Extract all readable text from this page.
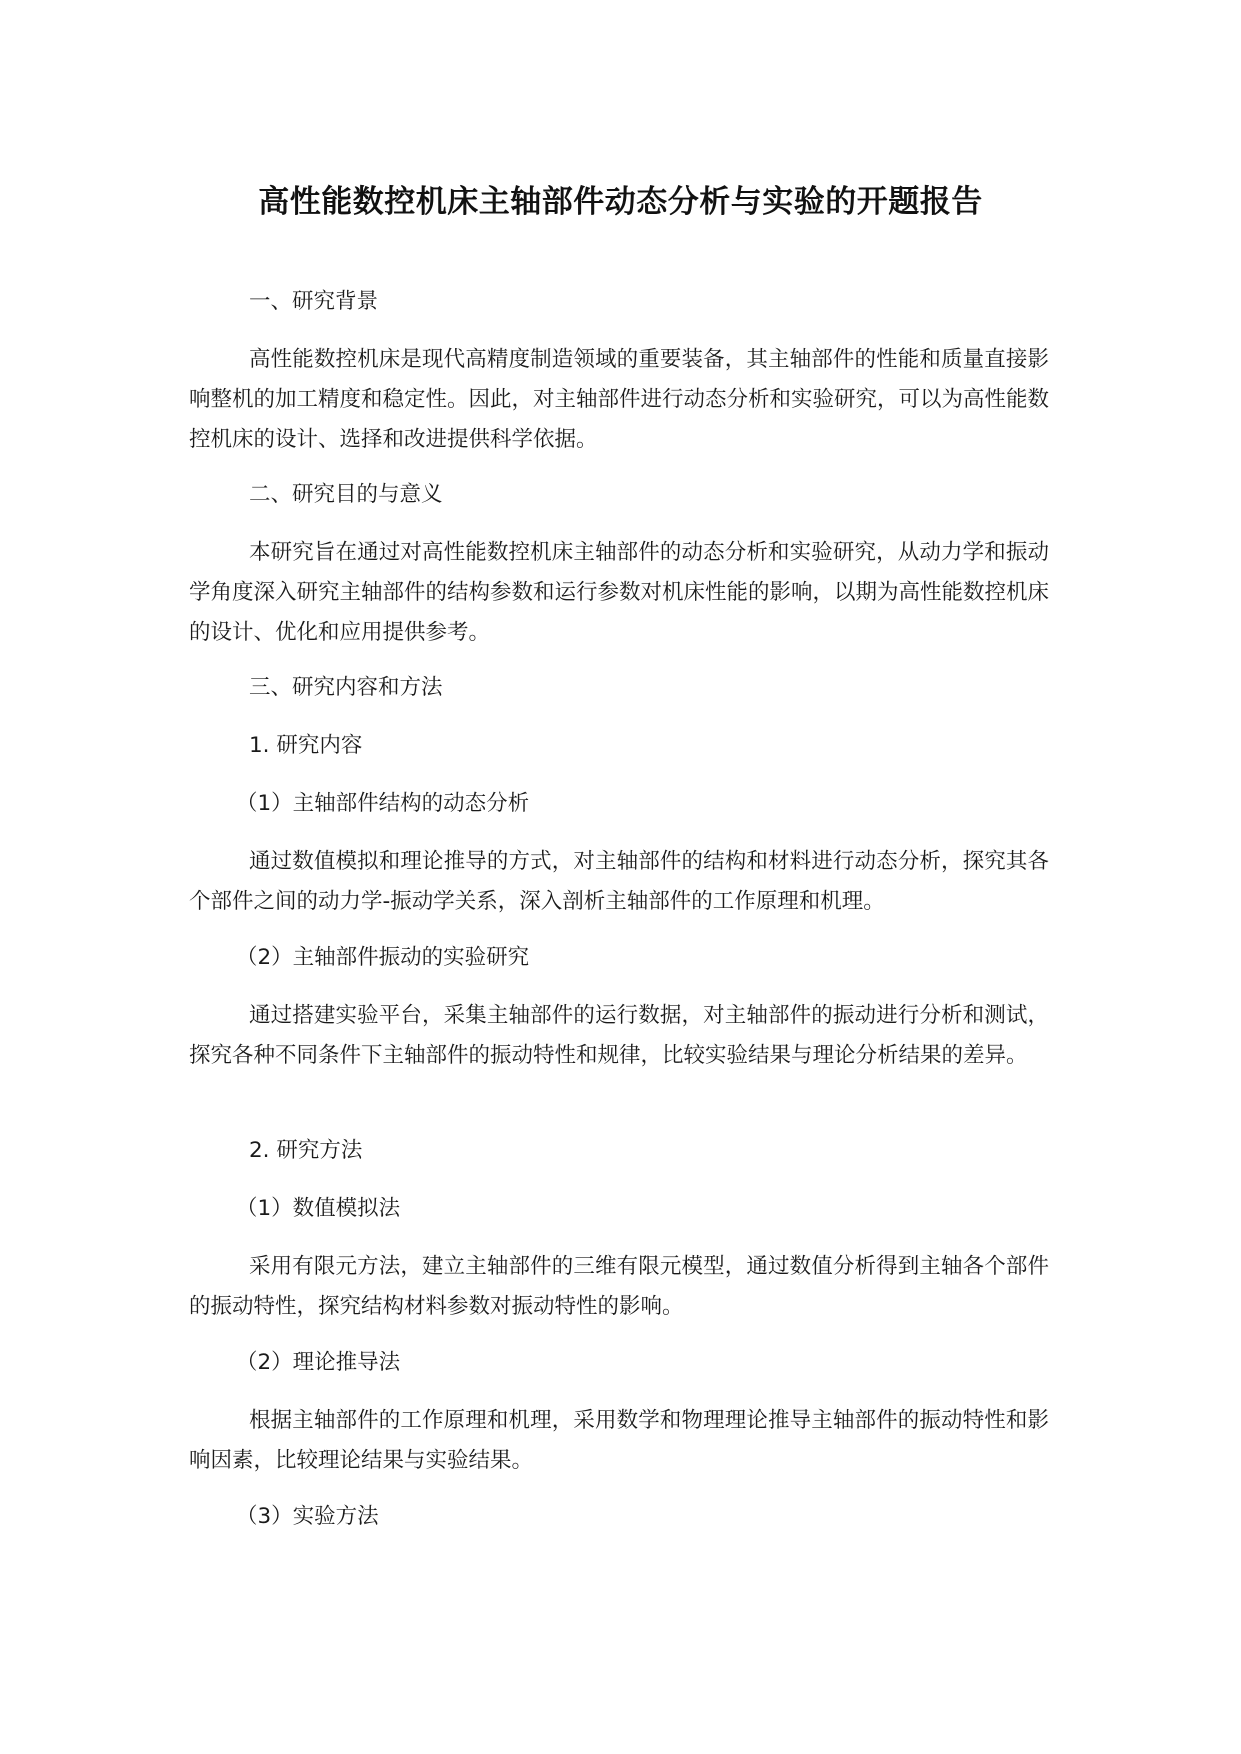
高性能数控机床主轴部件动态分析与实验的开题报告
一、研究背景
高性能数控机床是现代高精度制造领域的重要装备，其主轴部件的性能和质量直接影响整机的加工精度和稳定性。因此，对主轴部件进行动态分析和实验研究，可以为高性能数控机床的设计、选择和改进提供科学依据。
二、研究目的与意义
本研究旨在通过对高性能数控机床主轴部件的动态分析和实验研究，从动力学和振动学角度深入研究主轴部件的结构参数和运行参数对机床性能的影响，以期为高性能数控机床的设计、优化和应用提供参考。
三、研究内容和方法
1. 研究内容
（1）主轴部件结构的动态分析
通过数值模拟和理论推导的方式，对主轴部件的结构和材料进行动态分析，探究其各个部件之间的动力学-振动学关系，深入剖析主轴部件的工作原理和机理。
（2）主轴部件振动的实验研究
通过搭建实验平台，采集主轴部件的运行数据，对主轴部件的振动进行分析和测试，探究各种不同条件下主轴部件的振动特性和规律，比较实验结果与理论分析结果的差异。
2. 研究方法
（1）数值模拟法
采用有限元方法，建立主轴部件的三维有限元模型，通过数值分析得到主轴各个部件的振动特性，探究结构材料参数对振动特性的影响。
（2）理论推导法
根据主轴部件的工作原理和机理，采用数学和物理理论推导主轴部件的振动特性和影响因素，比较理论结果与实验结果。
（3）实验方法
